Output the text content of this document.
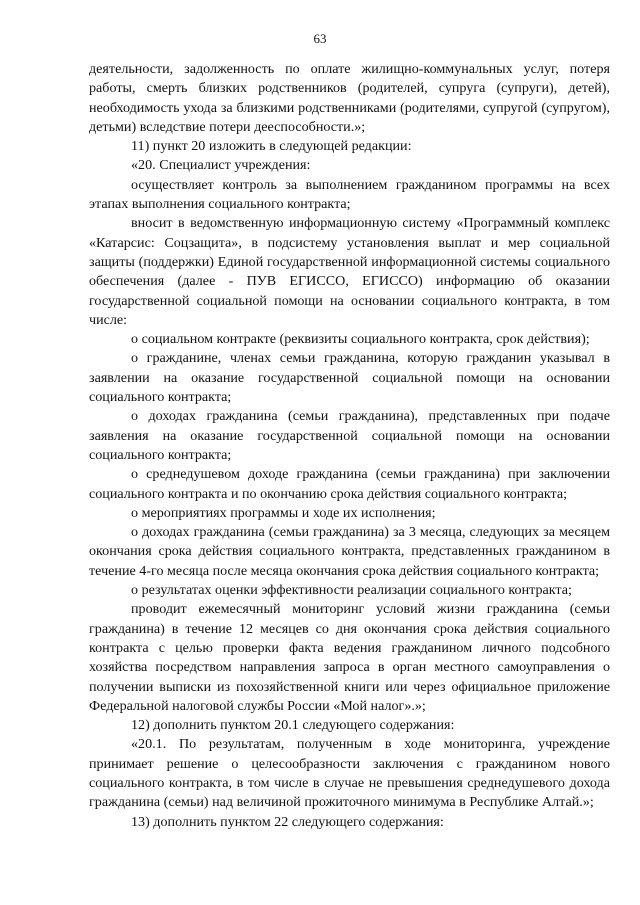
63

деятельности, задолженность по оплате жилищно-коммунальных услуг, потеря работы, смерть близких родственников (родителей, супруга (супруги), детей), необходимость ухода за близкими родственниками (родителями, супругой (супругом), детьми) вследствие потери дееспособности.»;

11) пункт 20 изложить в следующей редакции:

«20. Специалист учреждения:

осуществляет контроль за выполнением гражданином программы на всех этапах выполнения социального контракта;

вносит в ведомственную информационную систему «Программный комплекс «Катарсис: Соцзащита», в подсистему установления выплат и мер социальной защиты (поддержки) Единой государственной информационной системы социального обеспечения (далее - ПУВ ЕГИССО, ЕГИССО) информацию об оказании государственной социальной помощи на основании социального контракта, в том числе:

о социальном контракте (реквизиты социального контракта, срок действия);

о гражданине, членах семьи гражданина, которую гражданин указывал в заявлении на оказание государственной социальной помощи на основании социального контракта;

о доходах гражданина (семьи гражданина), представленных при подаче заявления на оказание государственной социальной помощи на основании социального контракта;

о среднедушевом доходе гражданина (семьи гражданина) при заключении социального контракта и по окончанию срока действия социального контракта;

о мероприятиях программы и ходе их исполнения;

о доходах гражданина (семьи гражданина) за 3 месяца, следующих за месяцем окончания срока действия социального контракта, представленных гражданином в течение 4-го месяца после месяца окончания срока действия социального контракта;

о результатах оценки эффективности реализации социального контракта;

проводит ежемесячный мониторинг условий жизни гражданина (семьи гражданина) в течение 12 месяцев со дня окончания срока действия социального контракта с целью проверки факта ведения гражданином личного подсобного хозяйства посредством направления запроса в орган местного самоуправления о получении выписки из похозяйственной книги или через официальное приложение Федеральной налоговой службы России «Мой налог».»;

12) дополнить пунктом 20.1 следующего содержания:

«20.1. По результатам, полученным в ходе мониторинга, учреждение принимает решение о целесообразности заключения с гражданином нового социального контракта, в том числе в случае не превышения среднедушевого дохода гражданина (семьи) над величиной прожиточного минимума в Республике Алтай.»;

13) дополнить пунктом 22 следующего содержания:
